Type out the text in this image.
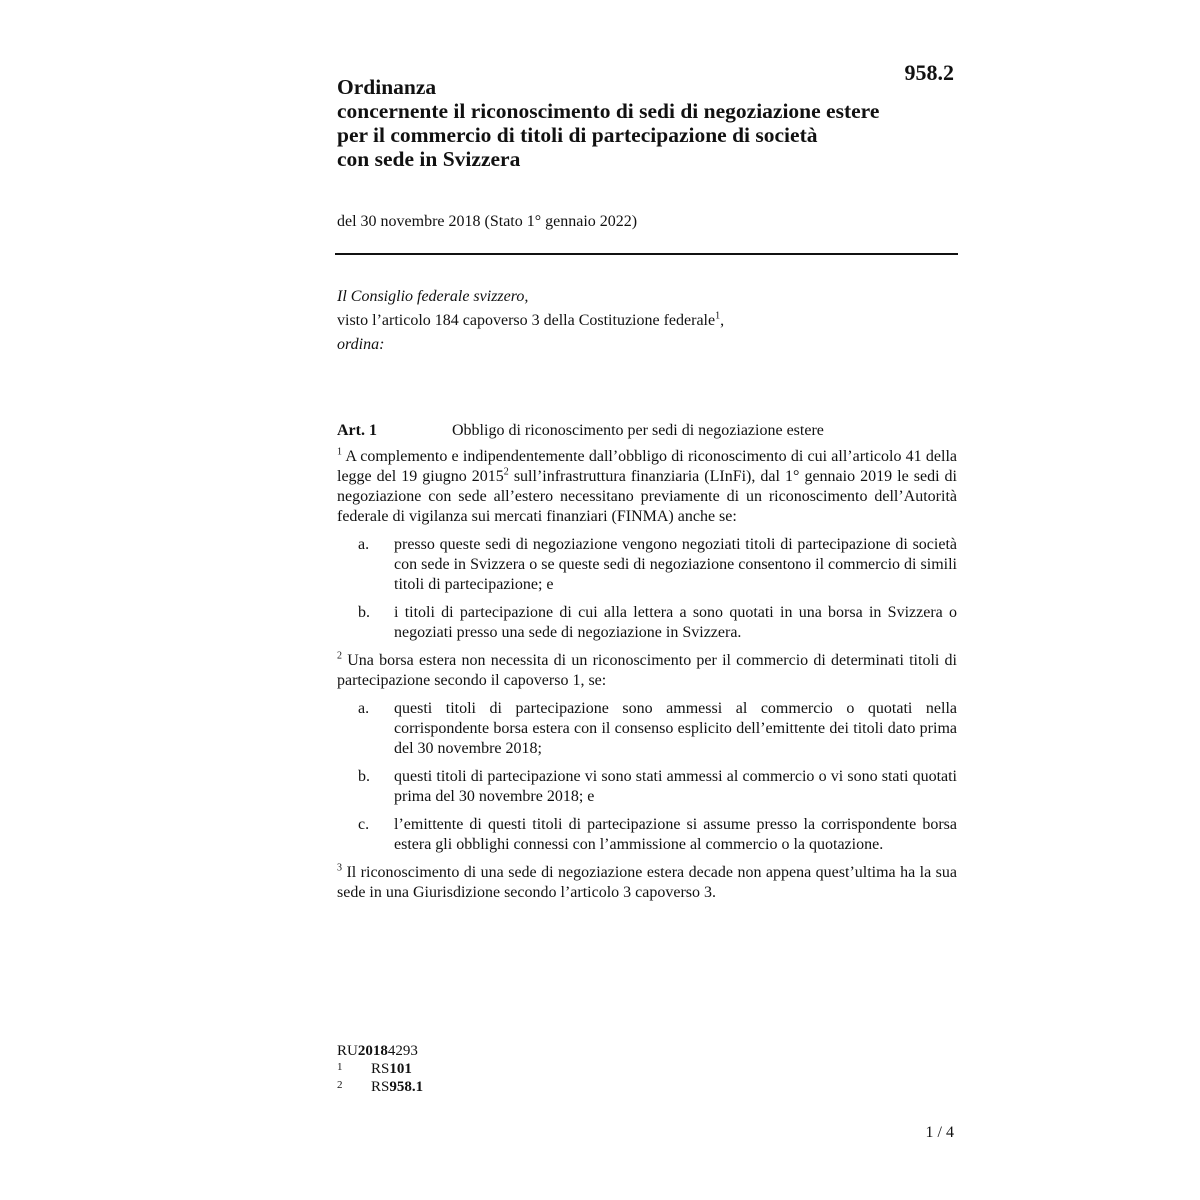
958.2
Ordinanza
concernente il riconoscimento di sedi di negoziazione estere
per il commercio di titoli di partecipazione di società
con sede in Svizzera
del 30 novembre 2018 (Stato 1° gennaio 2022)
Il Consiglio federale svizzero,
visto l’articolo 184 capoverso 3 della Costituzione federale$^1$,
ordina:
Art. 1	Obbligo di riconoscimento per sedi di negoziazione estere

$^1$ A complemento e indipendentemente dall’obbligo di riconoscimento di cui all’articolo 41 della legge del 19 giugno 2015$^2$ sull’infrastruttura finanziaria (LInFi), dal 1° gennaio 2019 le sedi di negoziazione con sede all’estero necessitano previamente di un riconoscimento dell’Autorità federale di vigilanza sui mercati finanziari (FINMA) anche se:

a.	presso queste sedi di negoziazione vengono negoziati titoli di partecipazione di società con sede in Svizzera o se queste sedi di negoziazione consentono il commercio di simili titoli di partecipazione; e
b.	i titoli di partecipazione di cui alla lettera a sono quotati in una borsa in Svizzera o negoziati presso una sede di negoziazione in Svizzera.

$^2$ Una borsa estera non necessita di un riconoscimento per il commercio di determinati titoli di partecipazione secondo il capoverso 1, se:

a.	questi titoli di partecipazione sono ammessi al commercio o quotati nella corrispondente borsa estera con il consenso esplicito dell’emittente dei titoli dato prima del 30 novembre 2018;
b.	questi titoli di partecipazione vi sono stati ammessi al commercio o vi sono stati quotati prima del 30 novembre 2018; e
c.	l’emittente di questi titoli di partecipazione si assume presso la corrispondente borsa estera gli obblighi connessi con l’ammissione al commercio o la quotazione.

$^3$ Il riconoscimento di una sede di negoziazione estera decade non appena quest’ultima ha la sua sede in una Giurisdizione secondo l’articolo 3 capoverso 3.

RU 2018 4293
1	RS 101
2	RS 958.1
1 / 4
